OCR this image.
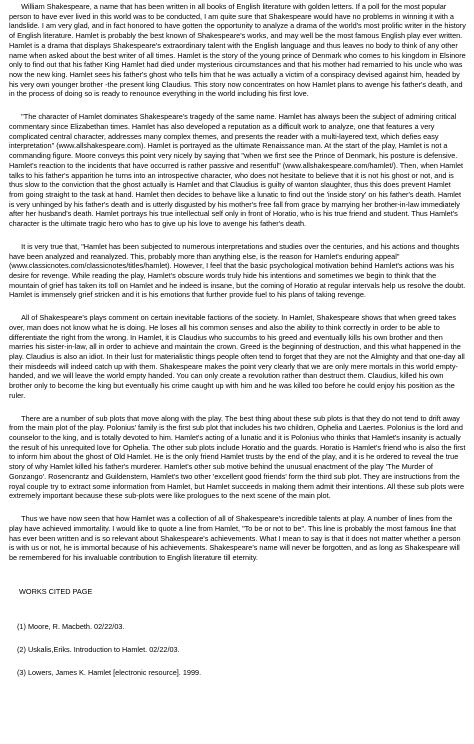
William Shakespeare, a name that has been written in all books of English literature with golden letters. If a poll for the most popular person to have ever lived in this world was to be conducted, I am quite sure that Shakespeare would have no problems in winning it with a landslide. I am very glad, and in fact honored to have gotten the opportunity to analyze a drama of the world's most prolific writer in the history of English literature. Hamlet is probably the best known of Shakespeare's works, and may well be the most famous English play ever written. Hamlet is a drama that displays Shakespeare's extraordinary talent with the English language and thus leaves no body to think of any other name when asked about the best writer of all times. Hamlet is the story of the young prince of Denmark who comes to his kingdom in Elsinore only to find out that his father King Hamlet had died under mysterious circumstances and that his mother had remarried to his uncle who was now the new king. Hamlet sees his father's ghost who tells him that he was actually a victim of a conspiracy devised against him, headed by his very own younger brother -the present king Claudius. This story now concentrates on how Hamlet plans to avenge his father's death, and in the process of doing so is ready to renounce everything in the world including his first love.

"The character of Hamlet dominates Shakespeare's tragedy of the same name. Hamlet has always been the subject of admiring critical commentary since Elizabethan times. Hamlet has also developed a reputation as a difficult work to analyze, one that features a very complicated central character, addresses many complex themes, and presents the reader with a multi-layered text, which defies easy interpretation" (www.allshakespeare.com). Hamlet is portrayed as the ultimate Renaissance man. At the start of the play, Hamlet is not a commanding figure. Moore conveys this point very nicely by saying that "when we first see the Prince of Denmark, his posture is defensive. Hamlet's reaction to the incidents that have occurred is rather passive and resentful" (www.allshakespeare.com/hamlet/). Then, when Hamlet talks to his father's apparition he turns into an introspective character, who does not hesitate to believe that it is not his ghost or not, and is thus slow to the conviction that the ghost actually is Hamlet and that Claudius is guilty of wanton slaughter, thus this does prevent Hamlet from going straight to the task at hand. Hamlet then decides to behave like a lunatic to find out the 'inside story' on his father's death. Hamlet is very unhinged by his father's death and is utterly disgusted by his mother's free fall from grace by marrying her brother-in-law immediately after her husband's death. Hamlet portrays his true intellectual self only in front of Horatio, who is his true friend and student. Thus Hamlet's character is the ultimate tragic hero who has to give up his love to avenge his father's death.

It is very true that, "Hamlet has been subjected to numerous interpretations and studies over the centuries, and his actions and thoughts have been analyzed and reanalyzed. This, probably more than anything else, is the reason for Hamlet's enduring appeal" (www.classicnotes.com/classicnotes/titles/hamlet). However, I feel that the basic psychological motivation behind Hamlet's actions was his desire for revenge. While reading the play, Hamlet's obscure words truly hide his intentions and sometimes we begin to think that the mountain of grief has taken its toll on Hamlet and he indeed is insane, but the coming of Horatio at regular intervals help us resolve the doubt. Hamlet is immensely grief stricken and it is his emotions that further provide fuel to his plans of taking revenge.

All of Shakespeare's plays comment on certain inevitable factions of the society. In Hamlet, Shakespeare shows that when greed takes over, man does not know what he is doing. He loses all his common senses and also the ability to think correctly in order to be able to differentiate the right from the wrong. In Hamlet, it is Claudius who succumbs to his greed and eventually kills his own brother and then marries his sister-in-law, all in order to achieve and maintain the crown. Greed is the beginning of destruction, and this what happened in the play. Claudius is also an idiot. In their lust for materialistic things people often tend to forget that they are not the Almighty and that one-day all their misdeeds will indeed catch up with them. Shakespeare makes the point very clearly that we are only mere mortals in this world empty-handed, and we will leave the world empty handed. You can only create a revolution rather than destruct them. Claudius, killed his own brother only to become the king but eventually his crime caught up with him and he was killed too before he could enjoy his position as the ruler.

There are a number of sub plots that move along with the play. The best thing about these sub plots is that they do not tend to drift away from the main plot of the play. Polonius' family is the first sub plot that includes his two children, Ophelia and Laertes. Polonius is the lord and counselor to the king, and is totally devoted to him. Hamlet's acting of a lunatic and it is Polonius who thinks that Hamlet's insanity is actually the result of his unrequited love for Ophelia. The other sub plots include Horatio and the guards. Horatio is Hamlet's friend who is also the first to inform him about the ghost of Old Hamlet. He is the only friend Hamlet trusts by the end of the play, and it is he ordered to reveal the true story of why Hamlet killed his father's murderer. Hamlet's other sub motive behind the unusual enactment of the play 'The Murder of Gonzango'. Rosencrantz and Guildenstern, Hamlet's two other 'excellent good friends' form the third sub plot. They are instructions from the royal couple try to extract some information from Hamlet, but Hamlet succeeds in making them admit their intentions. All these sub plots were extremely important because these sub-plots were like prologues to the next scene of the main plot.

Thus we have now seen that how Hamlet was a collection of all of Shakespeare's incredible talents at play. A number of lines from the play have achieved immortality. I would like to quote a line from Hamlet, "To be or not to be". This line is probably the most famous line that has ever been written and is so relevant about Shakespeare's achievements. What I mean to say is that it does not matter whether a person is with us or not, he is immortal because of his achievements. Shakespeare's name will never be forgotten, and as long as Shakespeare will be remembered for his invaluable contribution to English literature till eternity.

WORKS CITED PAGE

(1) Moore, R. Macbeth. 02/22/03.

(2) Uskalis,Eriks. Introduction to Hamlet. 02/22/03.

(3) Lowers, James K. Hamlet [electronic resource]. 1999.
